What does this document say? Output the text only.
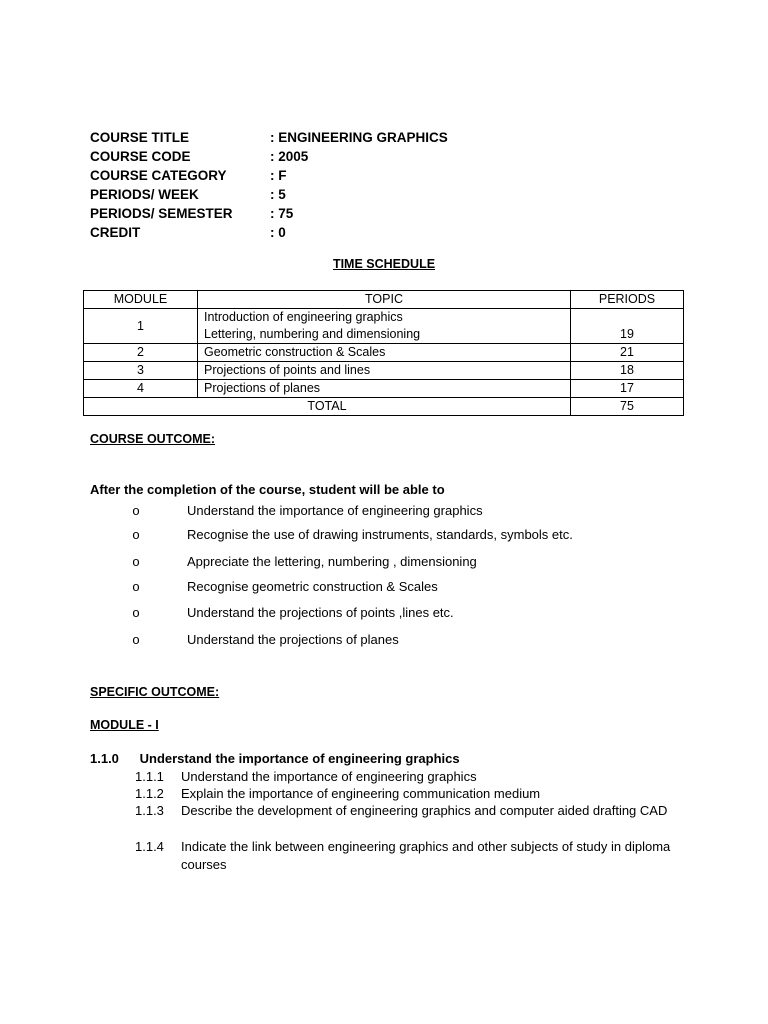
COURSE TITLE	: ENGINEERING GRAPHICS
COURSE CODE	: 2005
COURSE CATEGORY	: F
PERIODS/ WEEK	: 5
PERIODS/ SEMESTER	: 75
CREDIT	: 0
TIME SCHEDULE
MODULE	TOPIC	PERIODS
1	Introduction of engineering graphics
Lettering, numbering and dimensioning	19
2	Geometric construction & Scales	21
3	Projections of points and lines	18
4	Projections of planes	17
TOTAL		75
COURSE OUTCOME:
After the completion of the course, student will be able to
o	Understand the importance of engineering graphics
o	Recognise the use of drawing instruments, standards, symbols etc.
o	Appreciate the lettering, numbering , dimensioning
o	Recognise geometric construction & Scales
o	Understand the projections of points ,lines etc.
o	Understand the projections of planes
SPECIFIC OUTCOME:
MODULE - I
1.1.0 Understand the importance of engineering graphics
1.1.1 Understand the importance of engineering graphics
1.1.2 Explain the importance of engineering communication medium
1.1.3 Describe the development of engineering graphics and computer aided drafting CAD
1.1.4 Indicate the link between engineering graphics and other subjects of study in diploma courses
